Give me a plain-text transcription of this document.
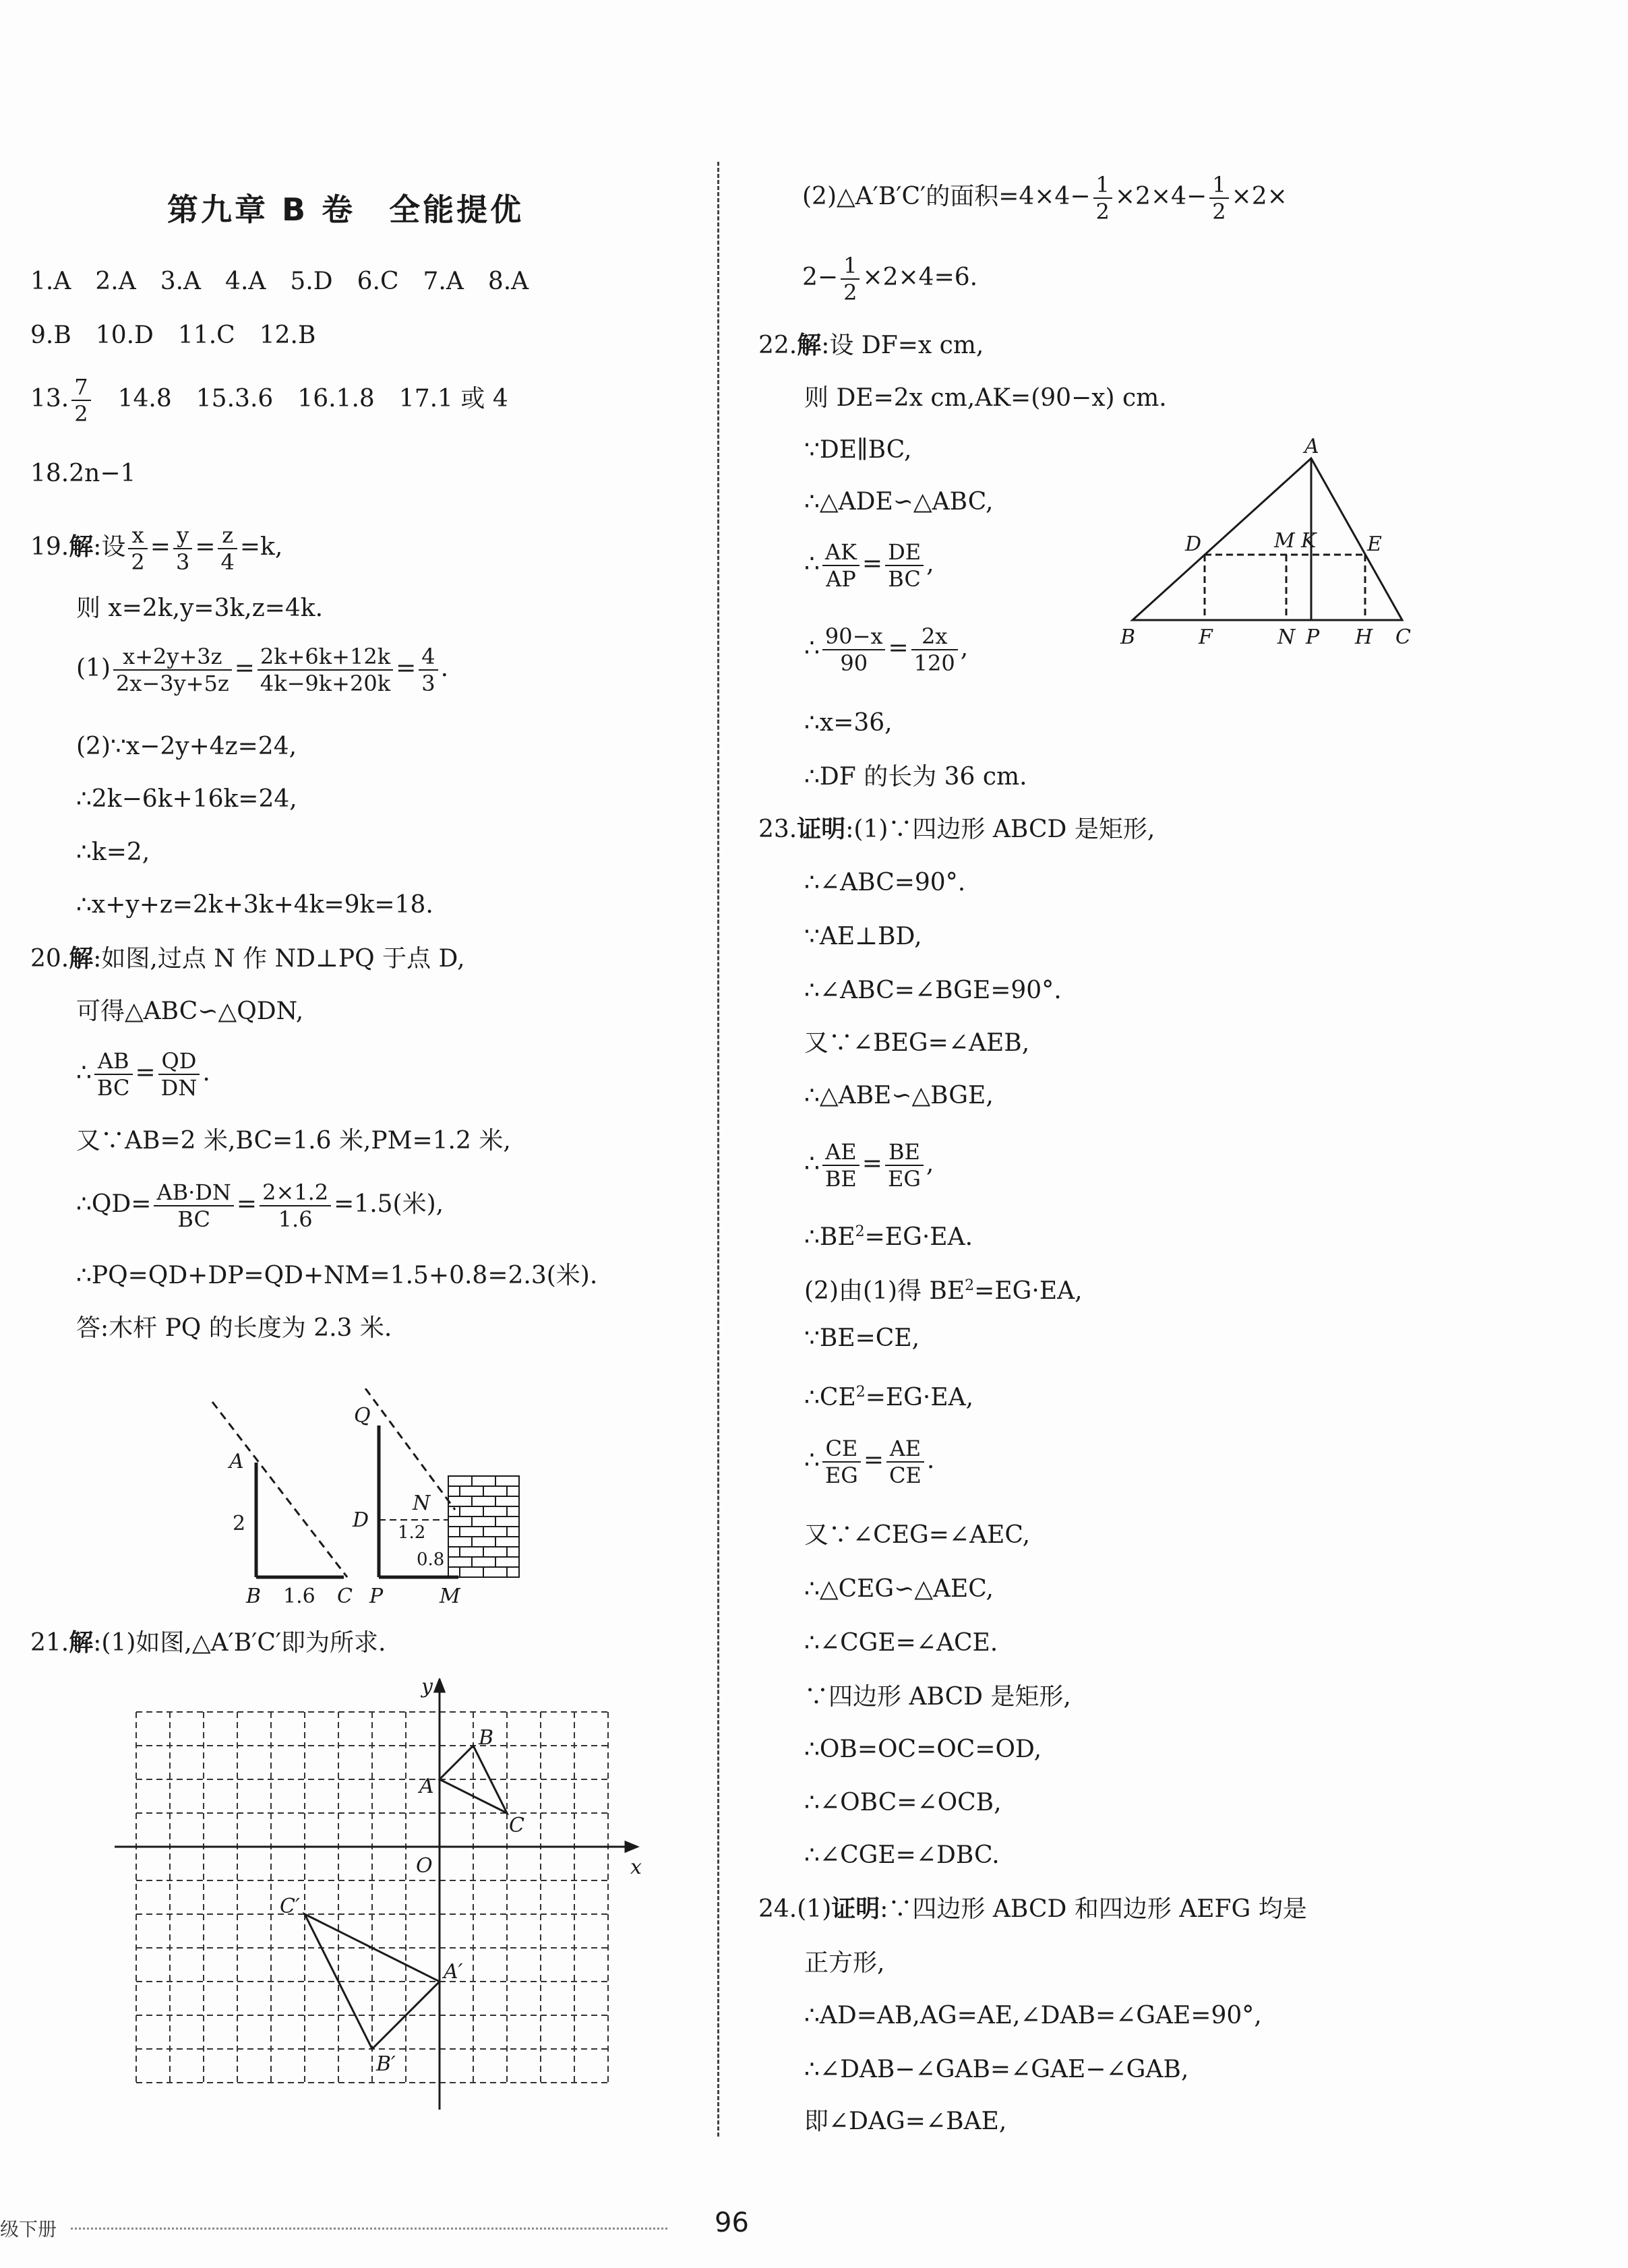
第九章 B 卷　全能提优
1.A　2.A　3.A　4.A　5.D　6.C　7.A　8.A
9.B　10.D　11.C　12.B
13. $\frac{7}{2}$ 　14.8　15.3.6　16.1.8　17.1 或 4
18.2n−1
19.解:设 $\frac{x}{2} = \frac{y}{3} = \frac{z}{4} =k$,
则 x=2k,y=3k,z=4k.
$(1) \frac{x+2y+3z}{2x-3y+5z} = \frac{2k+6k+12k}{4k-9k+20k} = \frac{4}{3}$ .
(2)∵x−2y+4z=24,
∴2k−6k+16k=24,
∴k=2,
∴x+y+z=2k+3k+4k=9k=18.
20.解:如图,过点 N 作 ND⊥PQ 于点 D,
可得△ABC∽△QDN,
∴ $\frac{AB}{BC} = \frac{QD}{DN}$ .
又∵AB=2 米,BC=1.6 米,PM=1.2 米,
∴QD= $\frac{AB\cdot DN}{BC} = \frac{2\times 1.2}{1.6} =1.5$(米),
∴PQ=QD+DP=QD+NM=1.5+0.8=2.3(米).
答:木杆 PQ 的长度为 2.3 米.
A
2
B 1.6 C P
Q
D
N
1.2
0.8
M
21.解:(1)如图,△A′B′C′即为所求.
y
x
O
A
B
C
C′
A′
B′
(2)△A′B′C′的面积$=4\times 4- \frac{1}{2} \times 2\times 4- \frac{1}{2} \times 2\times$
$2- \frac{1}{2} \times 2\times 4=6$.
22.解:设 DF=x cm,
则 DE=2x cm,AK=(90−x) cm.
∵DE∥BC,
∴△ADE∽△ABC,
∴ $\frac{AK}{AP} = \frac{DE}{BC}$ ,
∴ $\frac{90-x}{90} = \frac{2x}{120}$ ,
∴x=36,
∴DF 的长为 36 cm.
A
D	M K	E
B	F	N P H C
23.证明:(1)∵四边形 ABCD 是矩形,
∴∠ABC=90°.
∵AE⊥BD,
∴∠ABC=∠BGE=90°.
又∵∠BEG=∠AEB,
∴△ABE∽△BGE,
∴ $\frac{AE}{BE} = \frac{BE}{EG}$ ,
$\therefore BE^2=EG\cdot EA$.
(2)由(1)得 $BE^2=EG\cdot EA$,
∵BE=CE,
$\therefore CE^2=EG\cdot EA$,
∴ $\frac{CE}{EG} = \frac{AE}{CE}$ .
又∵∠CEG=∠AEC,
∴△CEG∽△AEC,
∴∠CGE=∠ACE.
∵四边形 ABCD 是矩形,
∴OB=OC=OC=OD,
∴∠OBC=∠OCB,
∴∠CGE=∠DBC.
24.(1)证明:∵四边形 ABCD 和四边形 AEFG 均是
正方形,
∴AD=AB,AG=AE,∠DAB=∠GAE=90°,
∴∠DAB−∠GAB=∠GAE−∠GAB,
即∠DAG=∠BAE,
级下册	96
